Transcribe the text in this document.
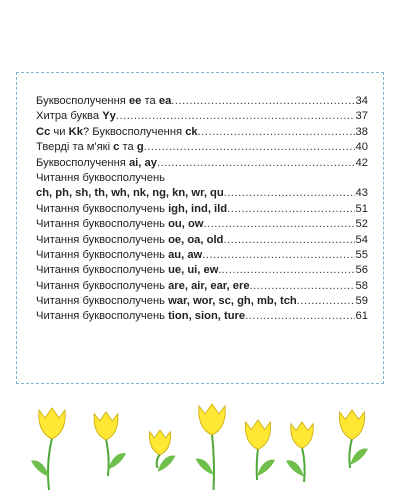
Буквосполучення ee та ea .....	34
Хитра буква Yy .....	37
Cc чи Kk? Буквосполучення ck .....	38
Тверді та м'які c та g .....	40
Буквосполучення ai, ay .....	42
Читання буквосполучень
ch, ph, sh, th, wh, nk, ng, kn, wr, qu .....	43
Читання буквосполучень igh, ind, ild .....	51
Читання буквосполучень ou, ow .....	52
Читання буквосполучень oe, oa, old .....	54
Читання буквосполучень au, aw .....	55
Читання буквосполучень ue, ui, ew. .....	56
Читання буквосполучень are, air, ear, ere .....	58
Читання буквосполучень war, wor, sc, gh, mb, tch .....	59
Читання буквосполучень tion, sion, ture .....	61
